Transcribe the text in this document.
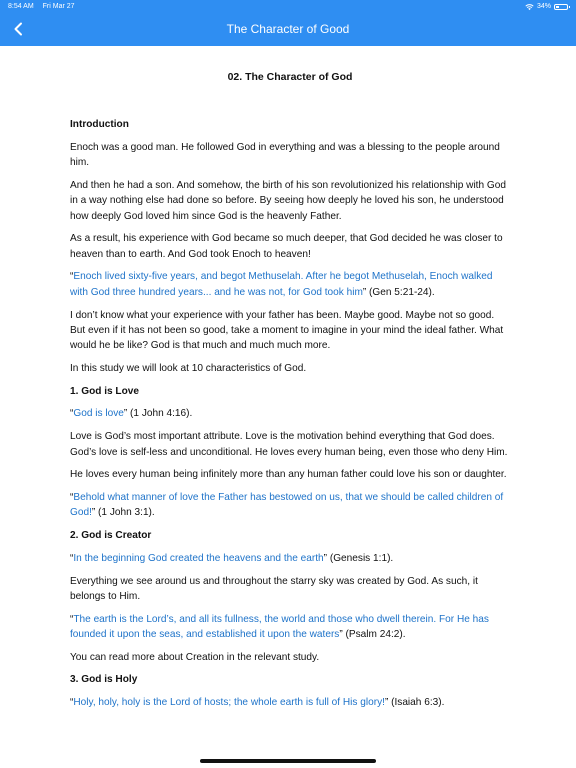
8:54 AM Fri Mar 27	34%
The Character of Good

02. The Character of God

Introduction

Enoch was a good man. He followed God in everything and was a blessing to the people around him.

And then he had a son. And somehow, the birth of his son revolutionized his relationship with God in a way nothing else had done so before. By seeing how deeply he loved his son, he understood how deeply God loved him since God is the heavenly Father.

As a result, his experience with God became so much deeper, that God decided he was closer to heaven than to earth. And God took Enoch to heaven!

“Enoch lived sixty-five years, and begot Methuselah. After he begot Methuselah, Enoch walked with God three hundred years... and he was not, for God took him” (Gen 5:21-24).

I don’t know what your experience with your father has been. Maybe good. Maybe not so good. But even if it has not been so good, take a moment to imagine in your mind the ideal father. What would he be like? God is that much and much much more.

In this study we will look at 10 characteristics of God.

1. God is Love

“God is love” (1 John 4:16).

Love is God’s most important attribute. Love is the motivation behind everything that God does. God’s love is self-less and unconditional. He loves every human being, even those who deny Him.

He loves every human being infinitely more than any human father could love his son or daughter.

“Behold what manner of love the Father has bestowed on us, that we should be called children of God!” (1 John 3:1).

2. God is Creator

“In the beginning God created the heavens and the earth” (Genesis 1:1).

Everything we see around us and throughout the starry sky was created by God. As such, it belongs to Him.

“The earth is the Lord’s, and all its fullness, the world and those who dwell therein. For He has founded it upon the seas, and established it upon the waters” (Psalm 24:2).

You can read more about Creation in the relevant study.

3. God is Holy

“Holy, holy, holy is the Lord of hosts; the whole earth is full of His glory!” (Isaiah 6:3).
